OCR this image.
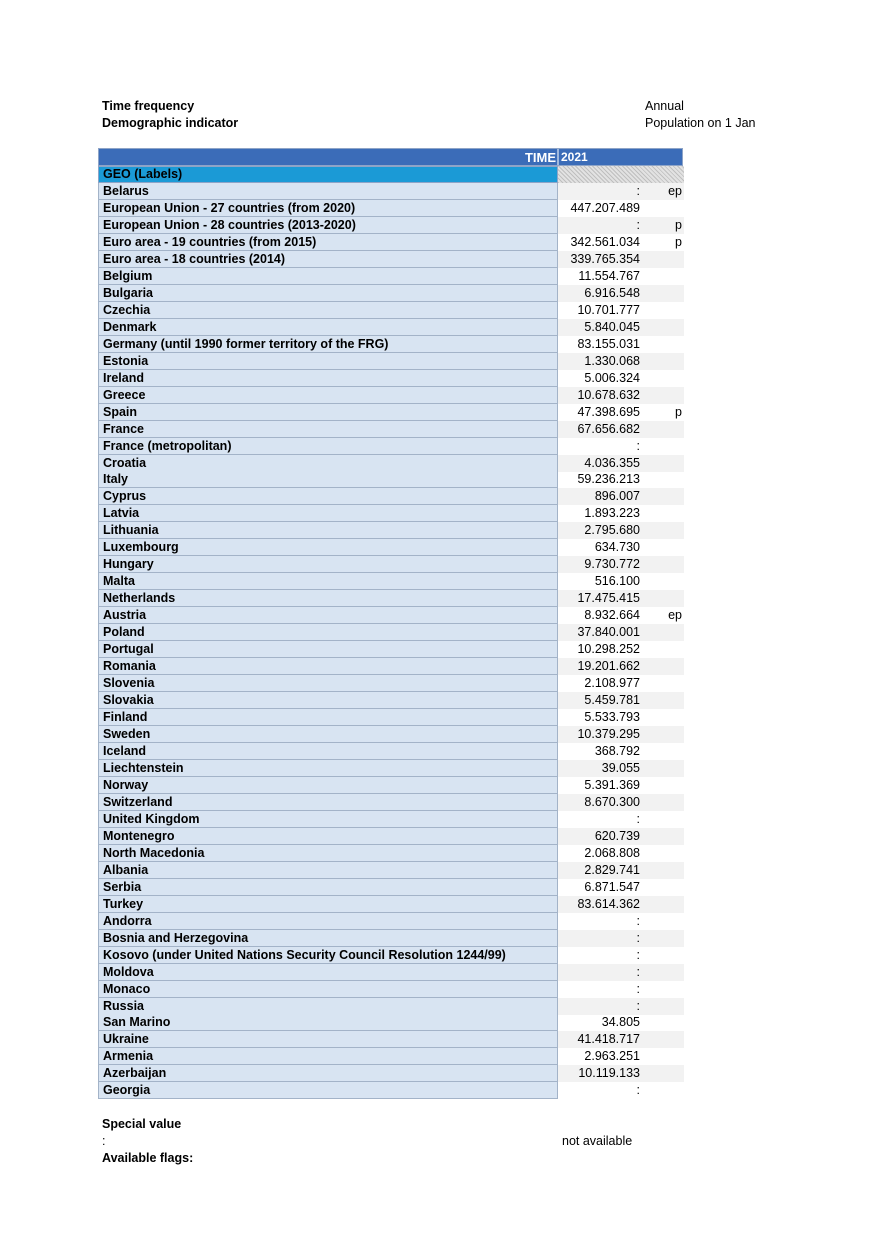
Time frequency	Annual
Demographic indicator	Population on 1 Jan
TIME 2021
GEO (Labels)
Belarus	:	ep
European Union - 27 countries (from 2020)	447.207.489
European Union - 28 countries (2013-2020)	:	p
Euro area - 19 countries (from 2015)	342.561.034	p
Euro area - 18 countries (2014)	339.765.354
Belgium	11.554.767
Bulgaria	6.916.548
Czechia	10.701.777
Denmark	5.840.045
Germany (until 1990 former territory of the FRG)	83.155.031
Estonia	1.330.068
Ireland	5.006.324
Greece	10.678.632
Spain	47.398.695	p
France	67.656.682
France (metropolitan)	:
Croatia	4.036.355
Italy	59.236.213
Cyprus	896.007
Latvia	1.893.223
Lithuania	2.795.680
Luxembourg	634.730
Hungary	9.730.772
Malta	516.100
Netherlands	17.475.415
Austria	8.932.664	ep
Poland	37.840.001
Portugal	10.298.252
Romania	19.201.662
Slovenia	2.108.977
Slovakia	5.459.781
Finland	5.533.793
Sweden	10.379.295
Iceland	368.792
Liechtenstein	39.055
Norway	5.391.369
Switzerland	8.670.300
United Kingdom	:
Montenegro	620.739
North Macedonia	2.068.808
Albania	2.829.741
Serbia	6.871.547
Turkey	83.614.362
Andorra	:
Bosnia and Herzegovina	:
Kosovo (under United Nations Security Council Resolution 1244/99)	:
Moldova	:
Monaco	:
Russia	:
San Marino	34.805
Ukraine	41.418.717
Armenia	2.963.251
Azerbaijan	10.119.133
Georgia	:
Special value
:	not available
Available flags:
